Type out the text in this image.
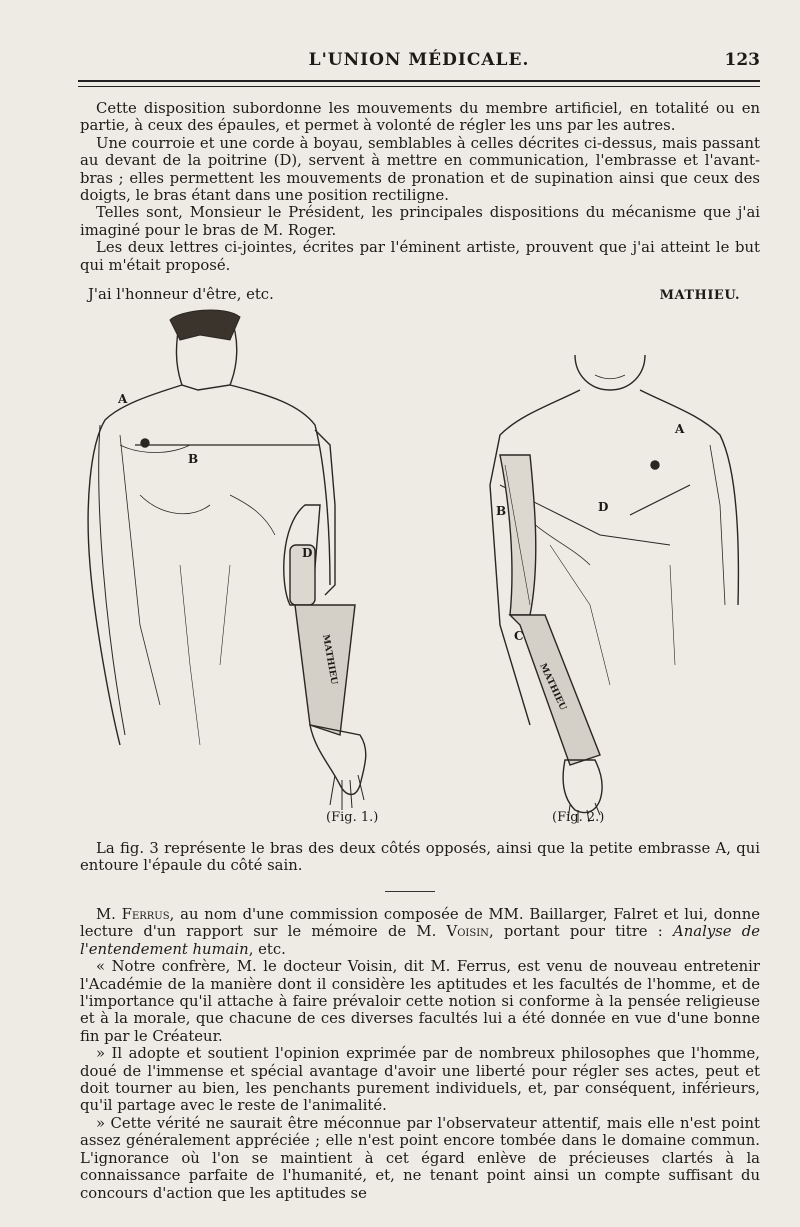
L'UNION MÉDICALE.	123

Cette disposition subordonne les mouvements du membre artificiel, en totalité ou en partie, à ceux des épaules, et permet à volonté de régler les uns par les autres.

Une courroie et une corde à boyau, semblables à celles décrites ci-dessus, mais passant au devant de la poitrine (D), servent à mettre en communication, l'embrasse et l'avant-bras ; elles permettent les mouvements de pronation et de supination ainsi que ceux des doigts, le bras étant dans une position rectiligne.

Telles sont, Monsieur le Président, les principales dispositions du mécanisme que j'ai imaginé pour le bras de M. Roger.

Les deux lettres ci-jointes, écrites par l'éminent artiste, prouvent que j'ai atteint le but qui m'était proposé.

J'ai l'honneur d'être, etc.	MATHIEU.
A
B
D
MATHIEU
A
B
C
D
MATHIEU
(Fig. 1.)	(Fig. 2.)

La fig. 3 représente le bras des deux côtés opposés, ainsi que la petite embrasse A, qui entoure l'épaule du côté sain.

M. Ferrus, au nom d'une commission composée de MM. Baillarger, Falret et lui, donne lecture d'un rapport sur le mémoire de M. Voisin, portant pour titre : Analyse de l'entendement humain, etc.

« Notre confrère, M. le docteur Voisin, dit M. Ferrus, est venu de nouveau entretenir l'Académie de la manière dont il considère les aptitudes et les facultés de l'homme, et de l'importance qu'il attache à faire prévaloir cette notion si conforme à la pensée religieuse et à la morale, que chacune de ces diverses facultés lui a été donnée en vue d'une bonne fin par le Créateur.

» Il adopte et soutient l'opinion exprimée par de nombreux philosophes que l'homme, doué de l'immense et spécial avantage d'avoir une liberté pour régler ses actes, peut et doit tourner au bien, les penchants purement individuels, et, par conséquent, inférieurs, qu'il partage avec le reste de l'animalité.

» Cette vérité ne saurait être méconnue par l'observateur attentif, mais elle n'est point assez généralement appréciée ; elle n'est point encore tombée dans le domaine commun. L'ignorance où l'on se maintient à cet égard enlève de précieuses clartés à la connaissance parfaite de l'humanité, et, ne tenant point ainsi un compte suffisant du concours d'action que les aptitudes se
